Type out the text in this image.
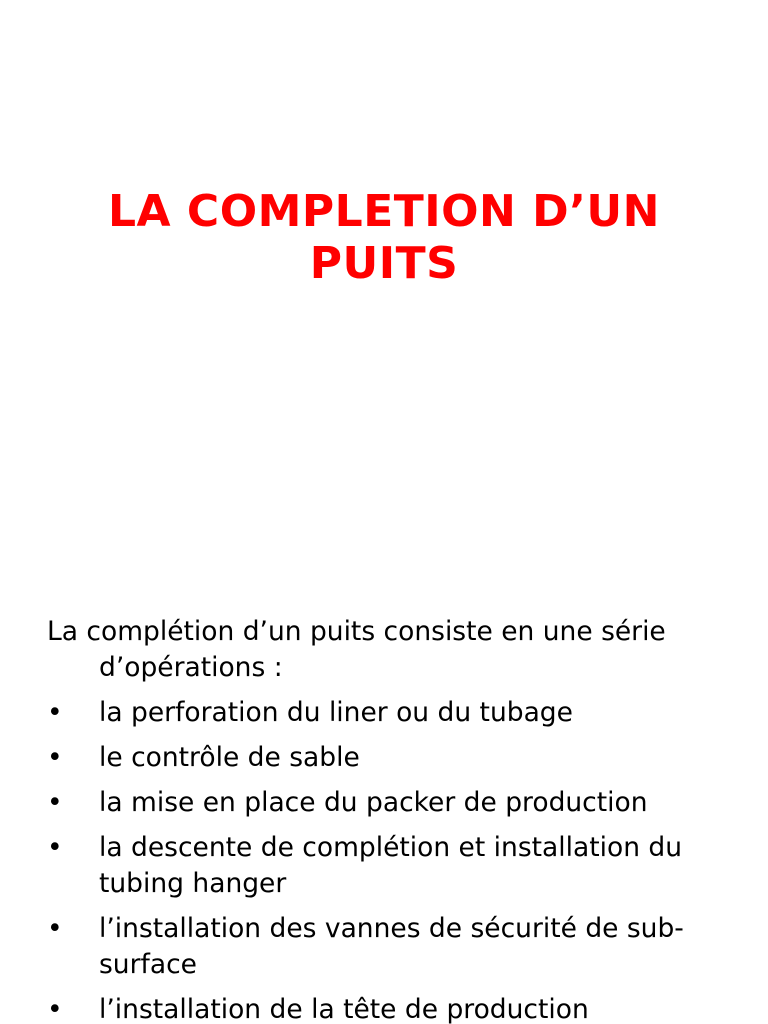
LA COMPLETION D’UN
PUITS

La complétion d’un puits consiste en une série d’opérations :

• la perforation du liner ou du tubage
• le contrôle de sable
• la mise en place du packer de production
• la descente de complétion et installation du tubing hanger
• l’installation des vannes de sécurité de sub-surface
• l’installation de la tête de production
